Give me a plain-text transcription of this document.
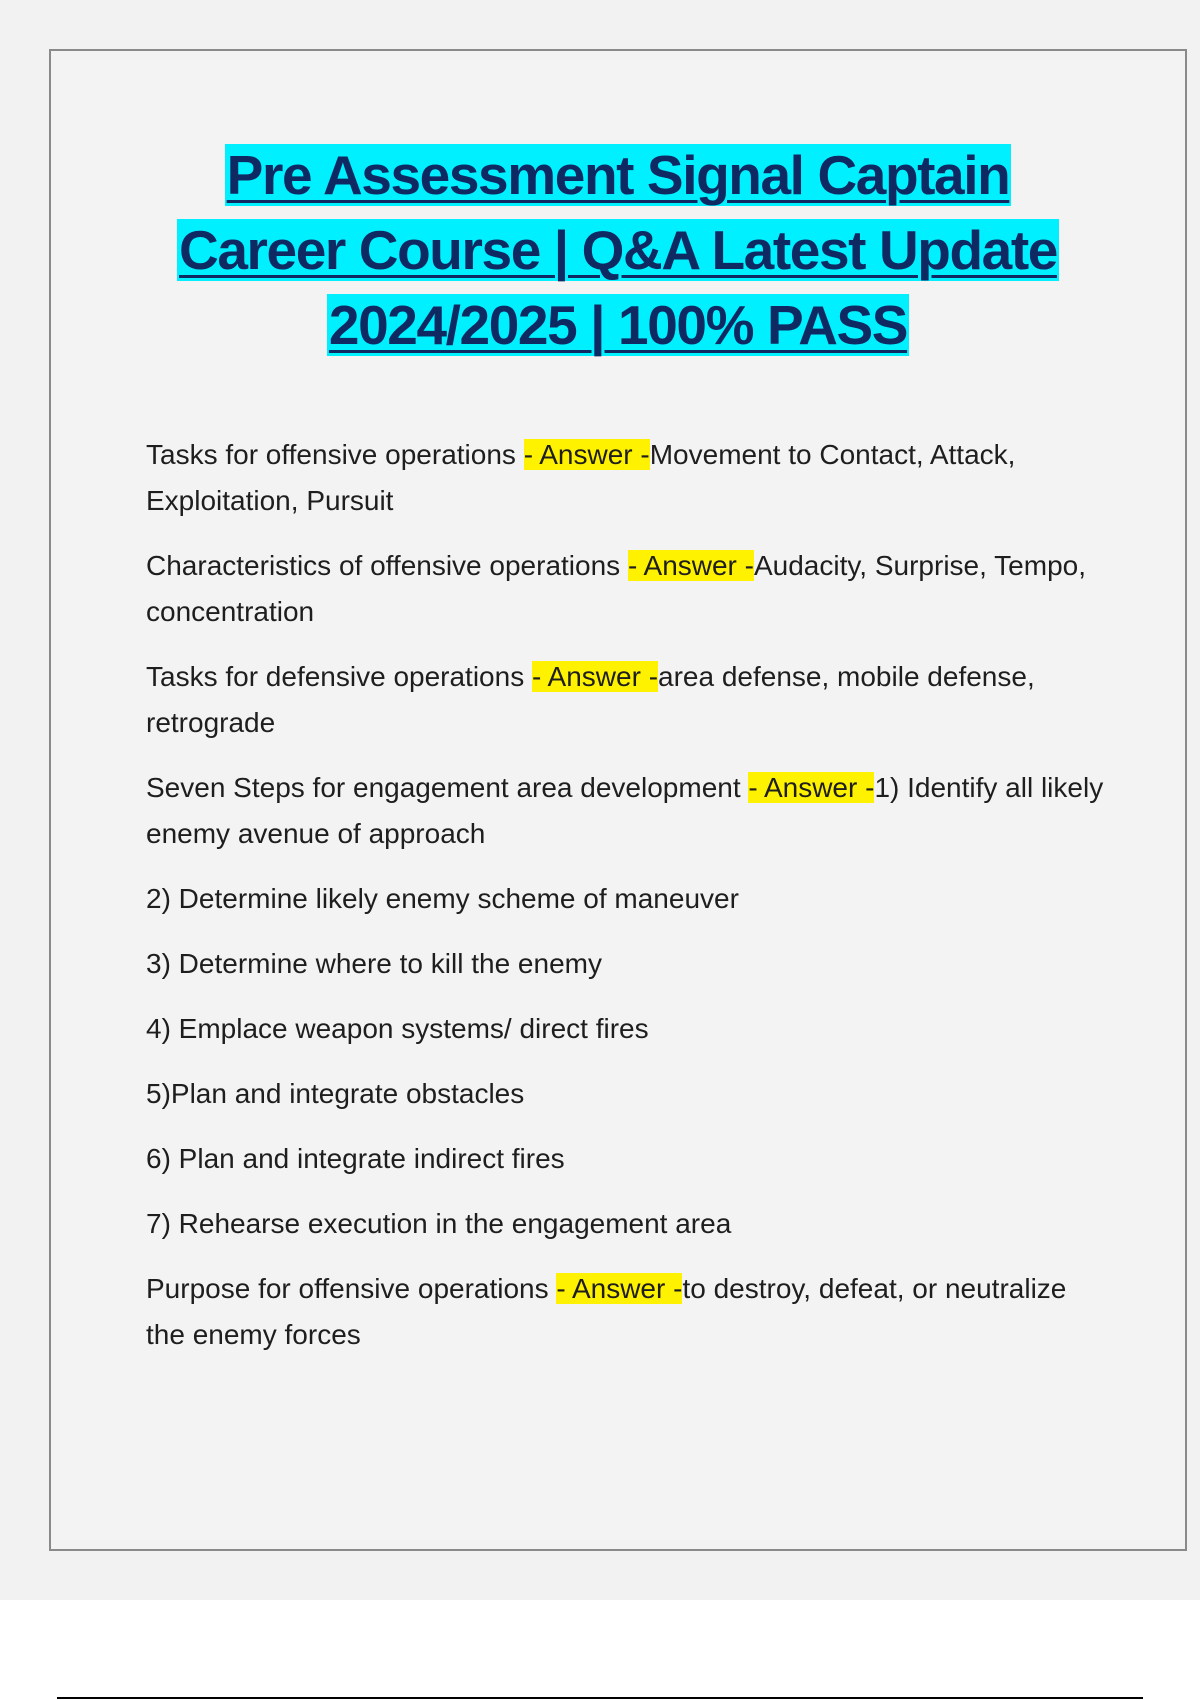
Pre Assessment Signal Captain
Career Course | Q&A Latest Update
2024/2025 | 100% PASS

Tasks for offensive operations - Answer -Movement to Contact, Attack, Exploitation, Pursuit

Characteristics of offensive operations - Answer -Audacity, Surprise, Tempo, concentration

Tasks for defensive operations - Answer -area defense, mobile defense, retrograde

Seven Steps for engagement area development - Answer -1) Identify all likely enemy avenue of approach

2) Determine likely enemy scheme of maneuver

3) Determine where to kill the enemy

4) Emplace weapon systems/ direct fires

5)Plan and integrate obstacles

6) Plan and integrate indirect fires

7) Rehearse execution in the engagement area

Purpose for offensive operations - Answer -to destroy, defeat, or neutralize the enemy forces
